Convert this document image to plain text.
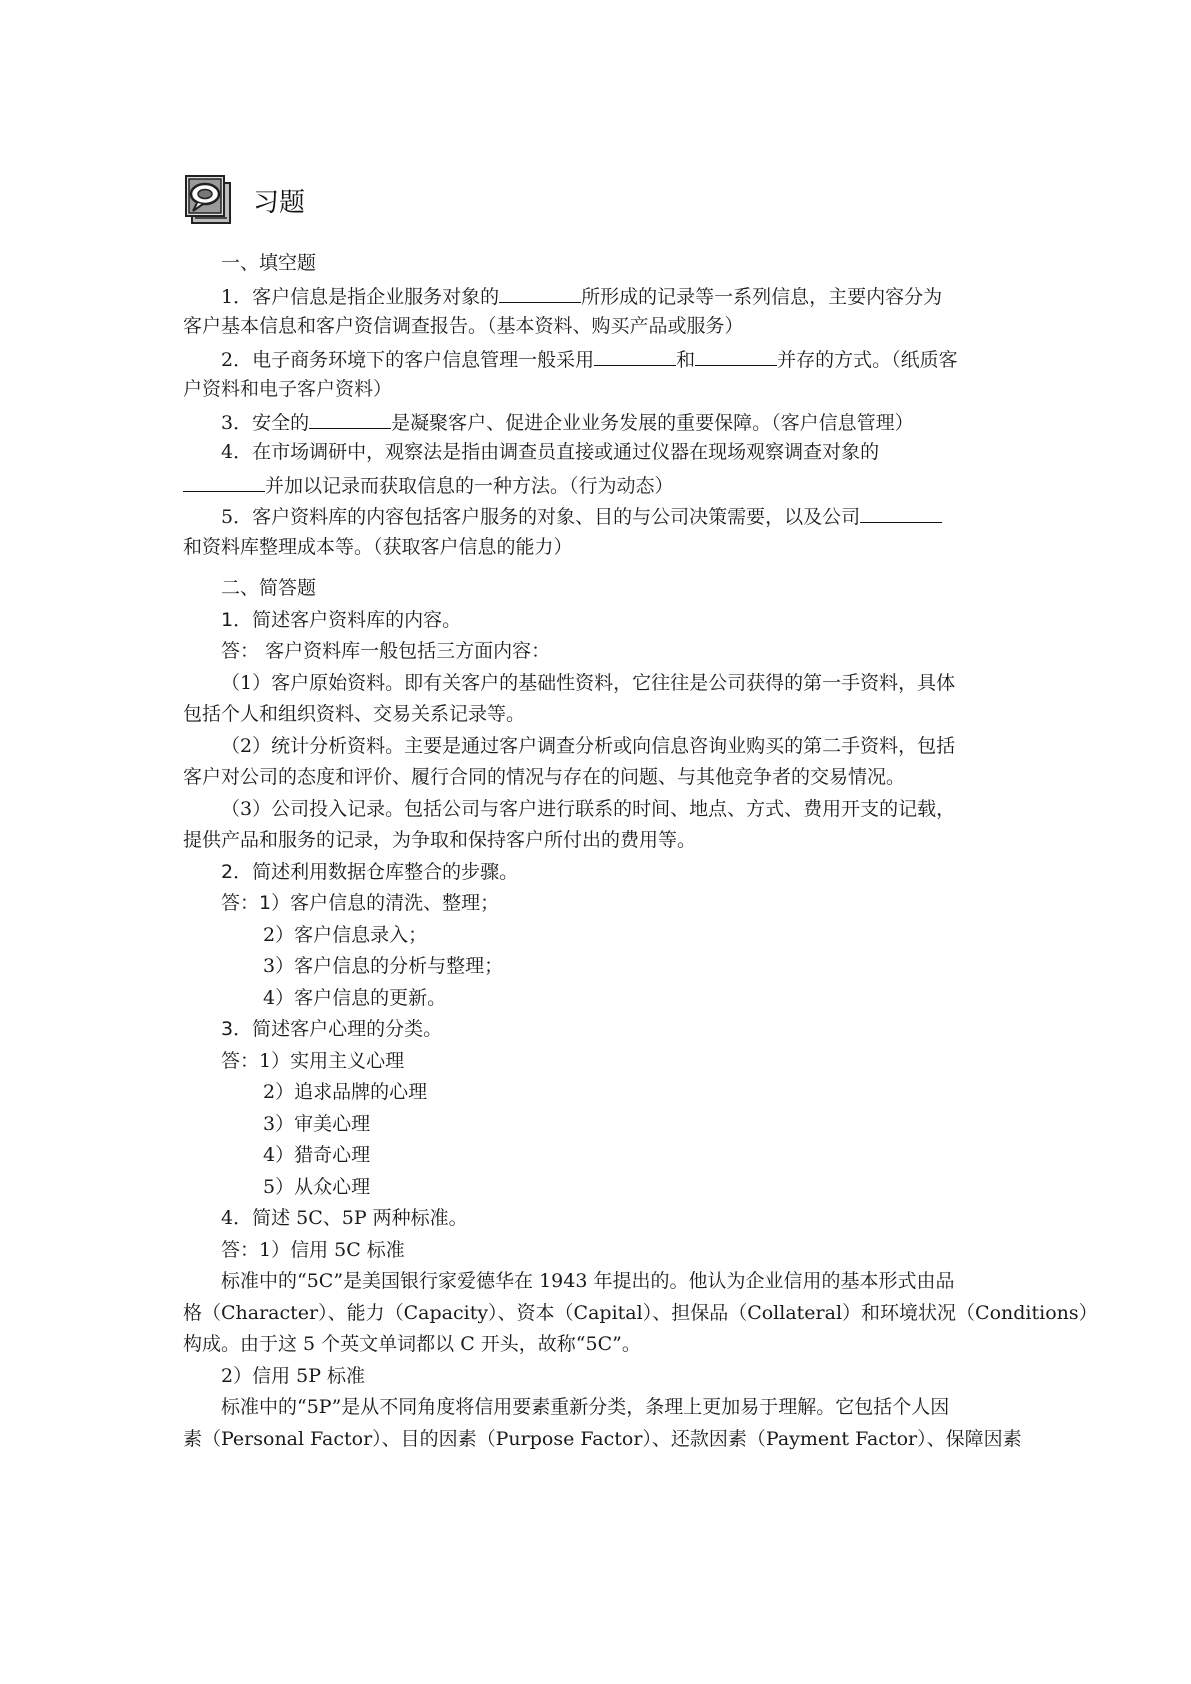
习题
一、填空题
1．客户信息是指企业服务对象的	所形成的记录等一系列信息，主要内容分为
客户基本信息和客户资信调查报告。（基本资料、购买产品或服务）
2．电子商务环境下的客户信息管理一般采用	和	并存的方式。（纸质客
户资料和电子客户资料）
3．安全的	是凝聚客户、促进企业业务发展的重要保障。（客户信息管理）
4．在市场调研中，观察法是指由调查员直接或通过仪器在现场观察调查对象的
并加以记录而获取信息的一种方法。（行为动态）
5．客户资料库的内容包括客户服务的对象、目的与公司决策需要，以及公司
和资料库整理成本等。（获取客户信息的能力）
二、简答题
1．简述客户资料库的内容。
答： 客户资料库一般包括三方面内容：
（1）客户原始资料。即有关客户的基础性资料，它往往是公司获得的第一手资料，具体
包括个人和组织资料、交易关系记录等。
（2）统计分析资料。主要是通过客户调查分析或向信息咨询业购买的第二手资料，包括
客户对公司的态度和评价、履行合同的情况与存在的问题、与其他竞争者的交易情况。
（3）公司投入记录。包括公司与客户进行联系的时间、地点、方式、费用开支的记载，
提供产品和服务的记录，为争取和保持客户所付出的费用等。
2．简述利用数据仓库整合的步骤。
答：1）客户信息的清洗、整理；
2）客户信息录入；
3）客户信息的分析与整理；
4）客户信息的更新。
3．简述客户心理的分类。
答：1）实用主义心理
2）追求品牌的心理
3）审美心理
4）猎奇心理
5）从众心理
4．简述 5C、5P 两种标准。
答：1）信用 5C 标准
标准中的“5C”是美国银行家爱德华在 1943 年提出的。他认为企业信用的基本形式由品
格（Character）、能力（Capacity）、资本（Capital）、担保品（Collateral）和环境状况（Conditions）
构成。由于这 5 个英文单词都以 C 开头，故称“5C”。
2）信用 5P 标准
标准中的“5P”是从不同角度将信用要素重新分类，条理上更加易于理解。它包括个人因
素（Personal Factor）、目的因素（Purpose Factor）、还款因素（Payment Factor）、保障因素
